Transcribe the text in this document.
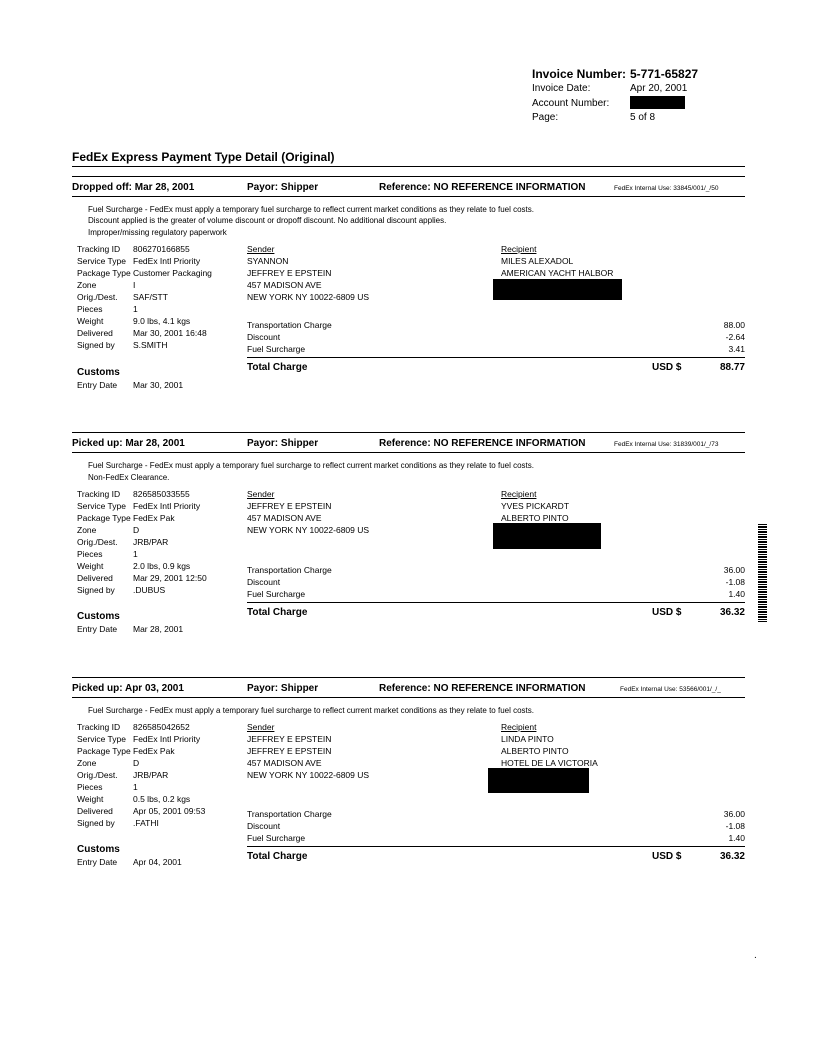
Invoice Number: 5-771-65827
Invoice Date:	Apr 20, 2001
Account Number:
Page:	5 of 8
FedEx Express Payment Type Detail (Original)
Dropped off: Mar 28, 2001	Payor: Shipper	Reference: NO REFERENCE INFORMATION	FedEx Internal Use: 33845/001/_/50
Fuel Surcharge - FedEx must apply a temporary fuel surcharge to reflect current market conditions as they relate to fuel costs.
Discount applied is the greater of volume discount or dropoff discount. No additional discount applies.
Improper/missing regulatory paperwork
Tracking ID 806270166855
Service Type FedEx Intl Priority
Package Type Customer Packaging
Zone	I
Orig./Dest. SAF/STT
Pieces	1
Weight	9.0 lbs, 4.1 kgs
Delivered Mar 30, 2001 16:48
Signed by S.SMITH
Sender
SYANNON
JEFFREY E EPSTEIN
457 MADISON AVE
NEW YORK NY 10022-6809 US
Recipient
MILES ALEXADOL
AMERICAN YACHT HALBOR
Transportation Charge	88.00
Discount	-2.64
Fuel Surcharge	3.41
Total Charge	USD $	88.77
Customs
Entry Date Mar 30, 2001
Picked up: Mar 28, 2001	Payor: Shipper	Reference: NO REFERENCE INFORMATION	FedEx Internal Use: 31839/001/_/73
Fuel Surcharge - FedEx must apply a temporary fuel surcharge to reflect current market conditions as they relate to fuel costs.
Non-FedEx Clearance.
Tracking ID 826585033555
Service Type FedEx Intl Priority
Package Type FedEx Pak
Zone	D
Orig./Dest. JRB/PAR
Pieces	1
Weight	2.0 lbs, 0.9 kgs
Delivered Mar 29, 2001 12:50
Signed by .DUBUS
Sender
JEFFREY E EPSTEIN
457 MADISON AVE
NEW YORK NY 10022-6809 US
Recipient
YVES PICKARDT
ALBERTO PINTO
Transportation Charge	36.00
Discount	-1.08
Fuel Surcharge	1.40
Total Charge	USD $	36.32
Customs
Entry Date Mar 28, 2001
Picked up: Apr 03, 2001	Payor: Shipper	Reference: NO REFERENCE INFORMATION	FedEx Internal Use: 53566/001/_/_
Fuel Surcharge - FedEx must apply a temporary fuel surcharge to reflect current market conditions as they relate to fuel costs.
Tracking ID 826585042652
Service Type FedEx Intl Priority
Package Type FedEx Pak
Zone	D
Orig./Dest. JRB/PAR
Pieces	1
Weight	0.5 lbs, 0.2 kgs
Delivered Apr 05, 2001 09:53
Signed by .FATHI
Sender
JEFFREY E EPSTEIN
JEFFREY E EPSTEIN
457 MADISON AVE
NEW YORK NY 10022-6809 US
Recipient
LINDA PINTO
ALBERTO PINTO
HOTEL DE LA VICTORIA
Transportation Charge	36.00
Discount	-1.08
Fuel Surcharge	1.40
Total Charge	USD $	36.32
Customs
Entry Date Apr 04, 2001
.
